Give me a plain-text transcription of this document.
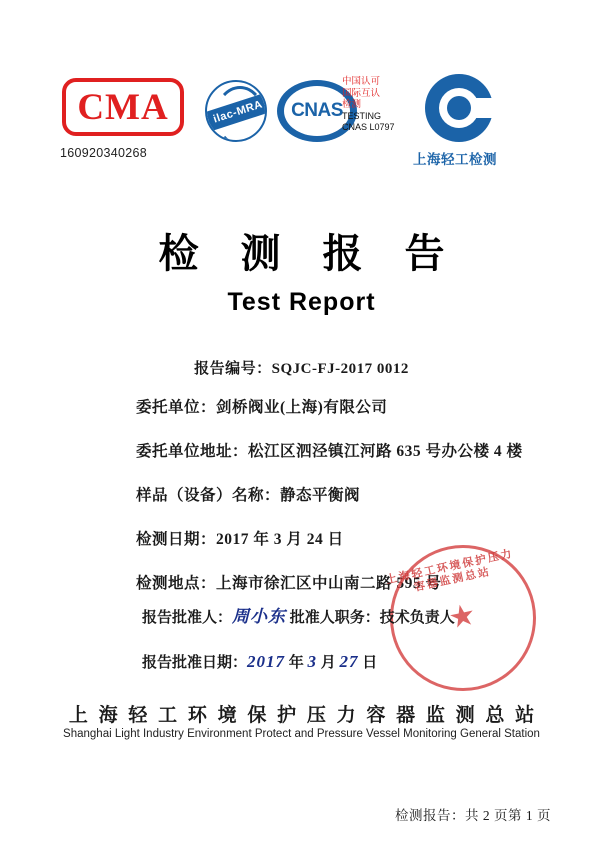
CMA
160920340268
ilac-MRA	CNAS
中国认可
国际互认
检测
TESTING
CNAS L0797
上海轻工检测
检 测 报 告
Test Report
报告编号：SQJC-FJ-2017 0012
委托单位：剑桥阀业(上海)有限公司
委托单位地址：松江区泗泾镇江河路 635 号办公楼 4 楼
样品（设备）名称：静态平衡阀
检测日期：2017 年 3 月 24 日
检测地点：上海市徐汇区中山南二路 595 号
★
上海轻工环境保护压力容器监测总站
报告批准人：周小东 批准人职务：技术负责人
报告批准日期：2017 年 3 月 27 日
上 海 轻 工 环 境 保 护 压 力 容 器 监 测 总 站
Shanghai Light Industry Environment Protect and Pressure Vessel Monitoring General Station
检测报告：共 2 页第 1 页
